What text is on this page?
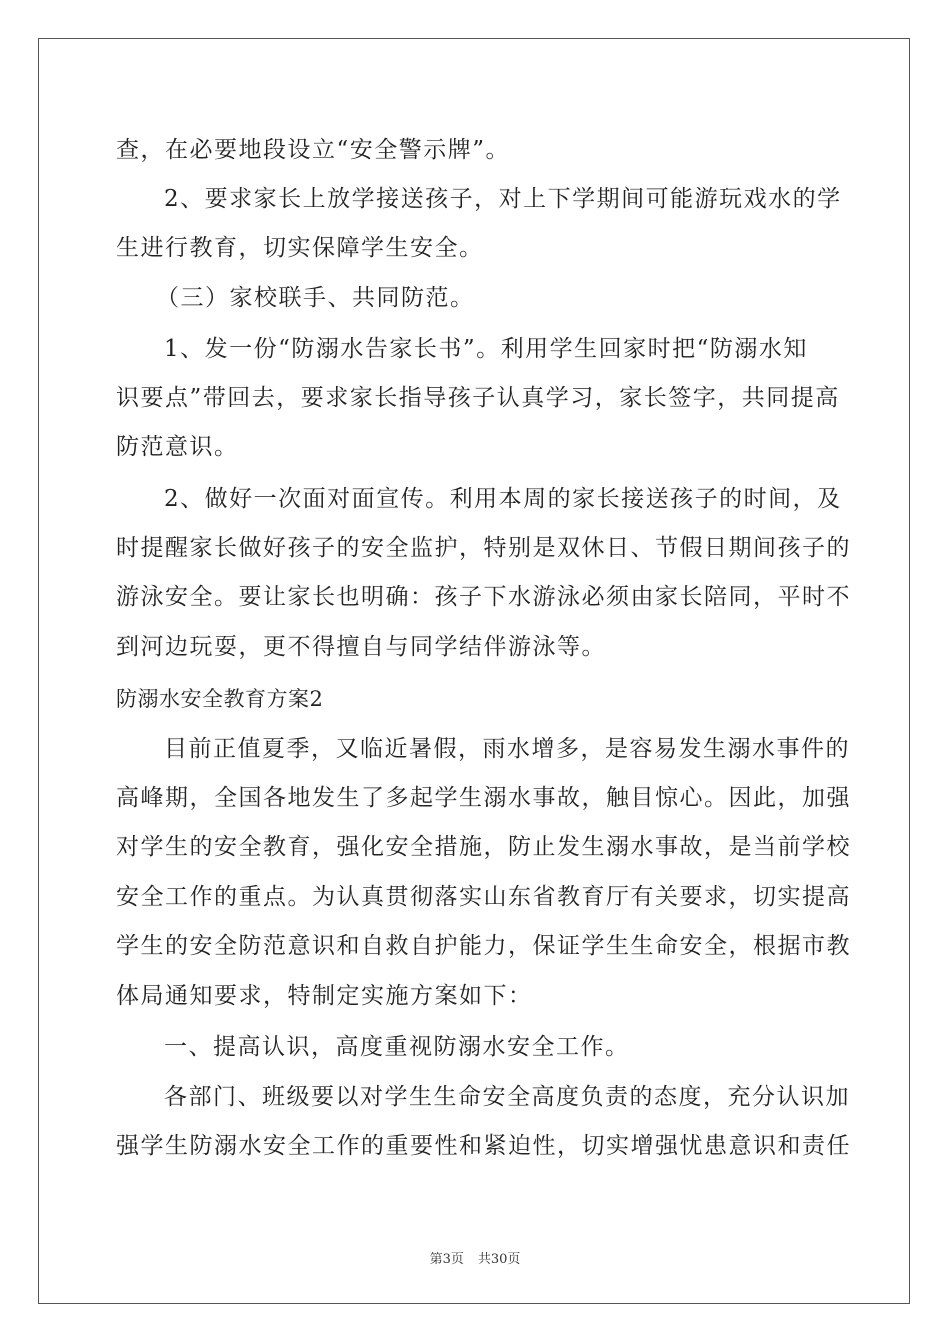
查，在必要地段设立“安全警示牌”。
2、要求家长上放学接送孩子，对上下学期间可能游玩戏水的学
生进行教育，切实保障学生安全。
（三）家校联手、共同防范。
1、发一份“防溺水告家长书”。利用学生回家时把“防溺水知
识要点”带回去，要求家长指导孩子认真学习，家长签字，共同提高
防范意识。
2、做好一次面对面宣传。利用本周的家长接送孩子的时间，及
时提醒家长做好孩子的安全监护，特别是双休日、节假日期间孩子的
游泳安全。要让家长也明确：孩子下水游泳必须由家长陪同，平时不
到河边玩耍，更不得擅自与同学结伴游泳等。
防溺水安全教育方案2
目前正值夏季，又临近暑假，雨水增多，是容易发生溺水事件的
高峰期，全国各地发生了多起学生溺水事故，触目惊心。因此，加强
对学生的安全教育，强化安全措施，防止发生溺水事故，是当前学校
安全工作的重点。为认真贯彻落实山东省教育厅有关要求，切实提高
学生的安全防范意识和自救自护能力，保证学生生命安全，根据市教
体局通知要求，特制定实施方案如下：
一、提高认识，高度重视防溺水安全工作。
各部门、班级要以对学生生命安全高度负责的态度，充分认识加
强学生防溺水安全工作的重要性和紧迫性，切实增强忧患意识和责任
第3页 共30页
